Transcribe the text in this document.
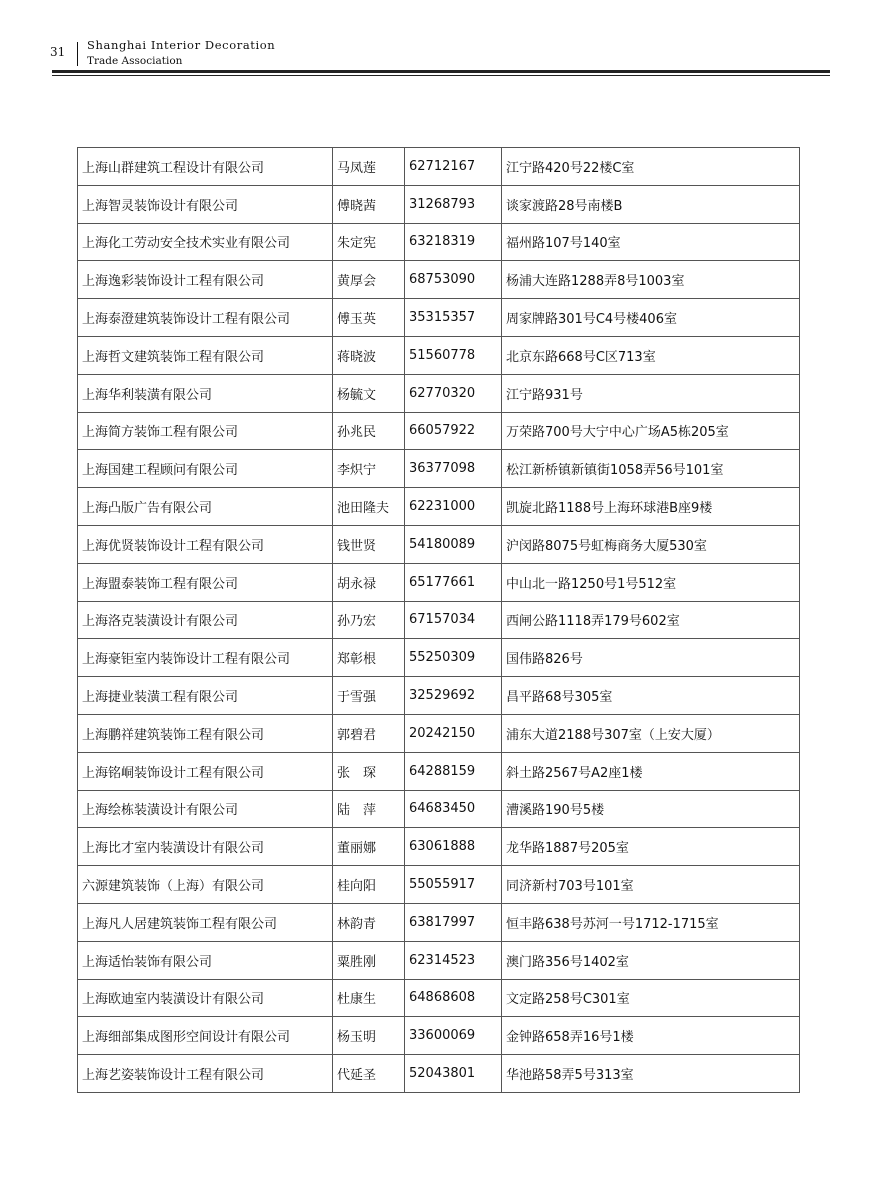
31 Shanghai Interior Decoration
Trade Association
上海山群建筑工程设计有限公司	马凤莲	62712167	江宁路420号22楼C室
上海智灵装饰设计有限公司	傅晓茜	31268793	谈家渡路28号南楼B
上海化工劳动安全技术实业有限公司	朱定宪	63218319	福州路107号140室
上海逸彩装饰设计工程有限公司	黄厚会	68753090	杨浦大连路1288弄8号1003室
上海泰澄建筑装饰设计工程有限公司	傅玉英	35315357	周家牌路301号C4号楼406室
上海哲文建筑装饰工程有限公司	蒋晓波	51560778	北京东路668号C区713室
上海华利装潢有限公司	杨毓文	62770320	江宁路931号
上海简方装饰工程有限公司	孙兆民	66057922	万荣路700号大宁中心广场A5栋205室
上海国建工程顾问有限公司	李炽宁	36377098	松江新桥镇新镇街1058弄56号101室
上海凸版广告有限公司	池田隆夫	62231000	凯旋北路1188号上海环球港B座9楼
上海优贤装饰设计工程有限公司	钱世贤	54180089	沪闵路8075号虹梅商务大厦530室
上海盟泰装饰工程有限公司	胡永禄	65177661	中山北一路1250号1号512室
上海洛克装潢设计有限公司	孙乃宏	67157034	西闸公路1118弄179号602室
上海豪钜室内装饰设计工程有限公司	郑彰根	55250309	国伟路826号
上海捷业装潢工程有限公司	于雪强	32529692	昌平路68号305室
上海鹏祥建筑装饰工程有限公司	郭碧君	20242150	浦东大道2188号307室（上安大厦）
上海铭峒装饰设计工程有限公司	张　琛	64288159	斜土路2567号A2座1楼
上海绘栋装潢设计有限公司	陆　萍	64683450	漕溪路190号5楼
上海比才室内装潢设计有限公司	董丽娜	63061888	龙华路1887号205室
六源建筑装饰（上海）有限公司	桂向阳	55055917	同济新村703号101室
上海凡人居建筑装饰工程有限公司	林韵青	63817997	恒丰路638号苏河一号1712-1715室
上海适怡装饰有限公司	粟胜刚	62314523	澳门路356号1402室
上海欧迪室内装潢设计有限公司	杜康生	64868608	文定路258号C301室
上海细部集成图形空间设计有限公司	杨玉明	33600069	金钟路658弄16号1楼
上海艺姿装饰设计工程有限公司	代延圣	52043801	华池路58弄5号313室
